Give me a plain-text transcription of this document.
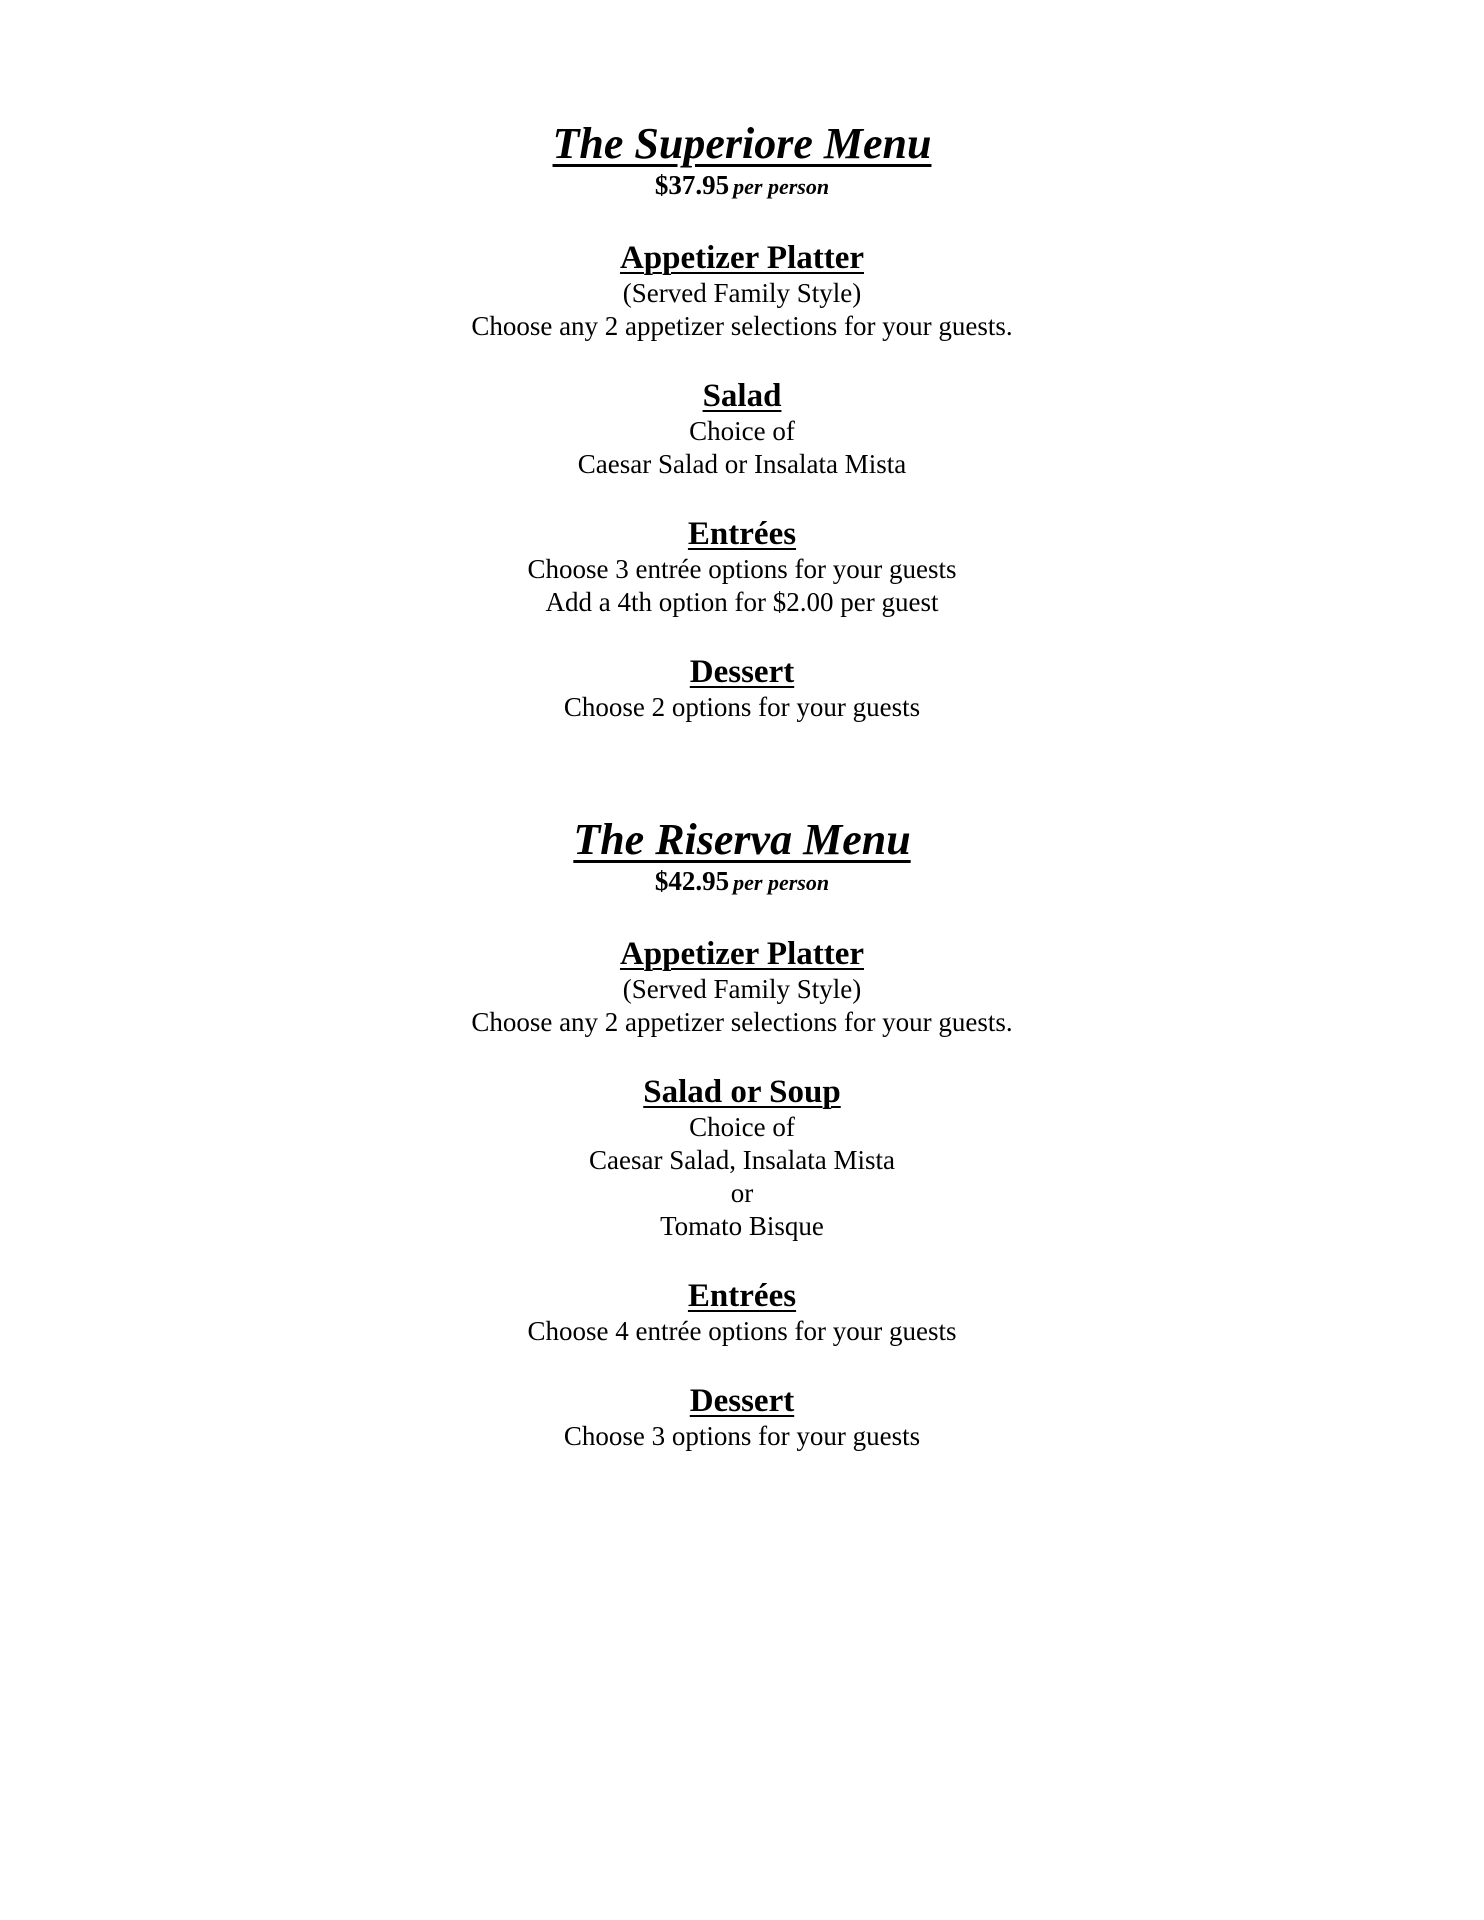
The Superiore Menu

$37.95 per person

Appetizer Platter

(Served Family Style)

Choose any 2 appetizer selections for your guests.

Salad

Choice of

Caesar Salad or Insalata Mista

Entrées

Choose 3 entrée options for your guests

Add a 4th option for $2.00 per guest

Dessert

Choose 2 options for your guests

The Riserva Menu

$42.95 per person

Appetizer Platter

(Served Family Style)

Choose any 2 appetizer selections for your guests.

Salad or Soup

Choice of

Caesar Salad, Insalata Mista

or

Tomato Bisque

Entrées

Choose 4 entrée options for your guests

Dessert

Choose 3 options for your guests
